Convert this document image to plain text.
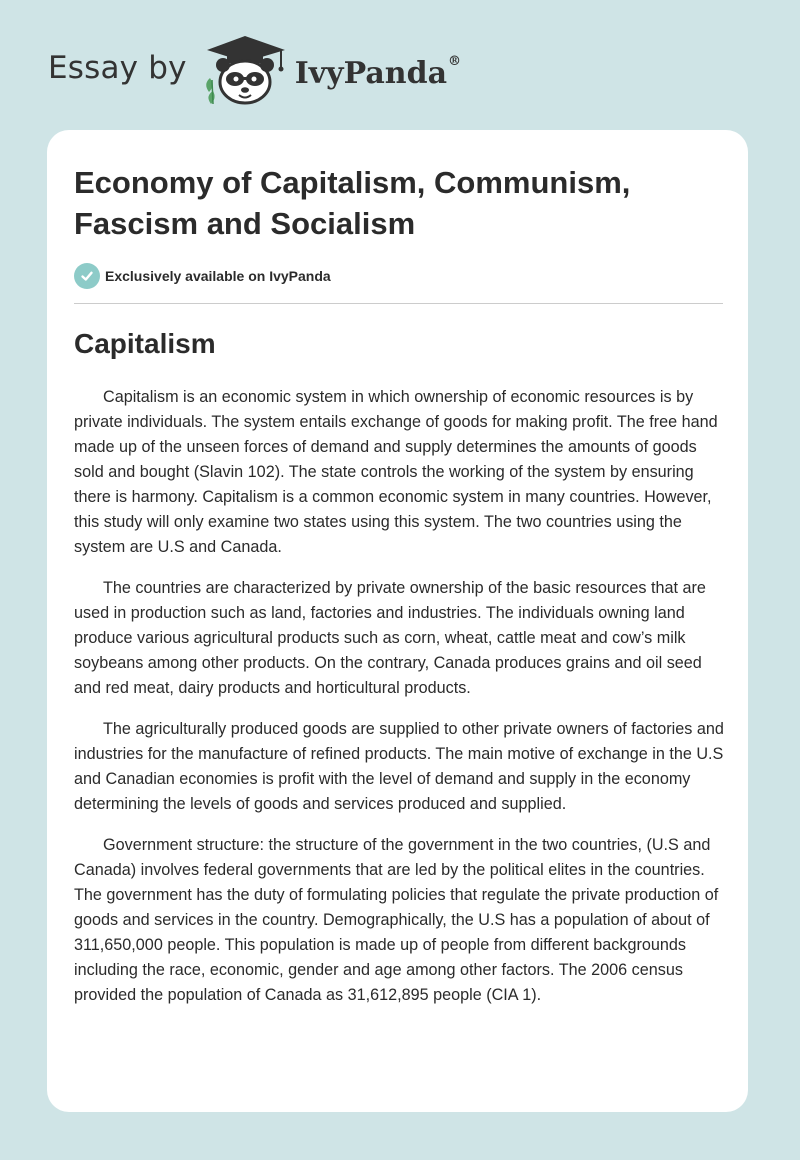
Essay by	IvyPanda®
Economy of Capitalism, Communism, Fascism and Socialism
Exclusively available on IvyPanda
Capitalism

Capitalism is an economic system in which ownership of economic resources is by private individuals. The system entails exchange of goods for making profit. The free hand made up of the unseen forces of demand and supply determines the amounts of goods sold and bought (Slavin 102). The state controls the working of the system by ensuring there is harmony. Capitalism is a common economic system in many countries. However, this study will only examine two states using this system. The two countries using the system are U.S and Canada.

The countries are characterized by private ownership of the basic resources that are used in production such as land, factories and industries. The individuals owning land produce various agricultural products such as corn, wheat, cattle meat and cow’s milk soybeans among other products. On the contrary, Canada produces grains and oil seed and red meat, dairy products and horticultural products.

The agriculturally produced goods are supplied to other private owners of factories and industries for the manufacture of refined products. The main motive of exchange in the U.S and Canadian economies is profit with the level of demand and supply in the economy determining the levels of goods and services produced and supplied.

Government structure: the structure of the government in the two countries, (U.S and Canada) involves federal governments that are led by the political elites in the countries. The government has the duty of formulating policies that regulate the private production of goods and services in the country. Demographically, the U.S has a population of about of 311,650,000 people. This population is made up of people from different backgrounds including the race, economic, gender and age among other factors. The 2006 census provided the population of Canada as 31,612,895 people (CIA 1).
